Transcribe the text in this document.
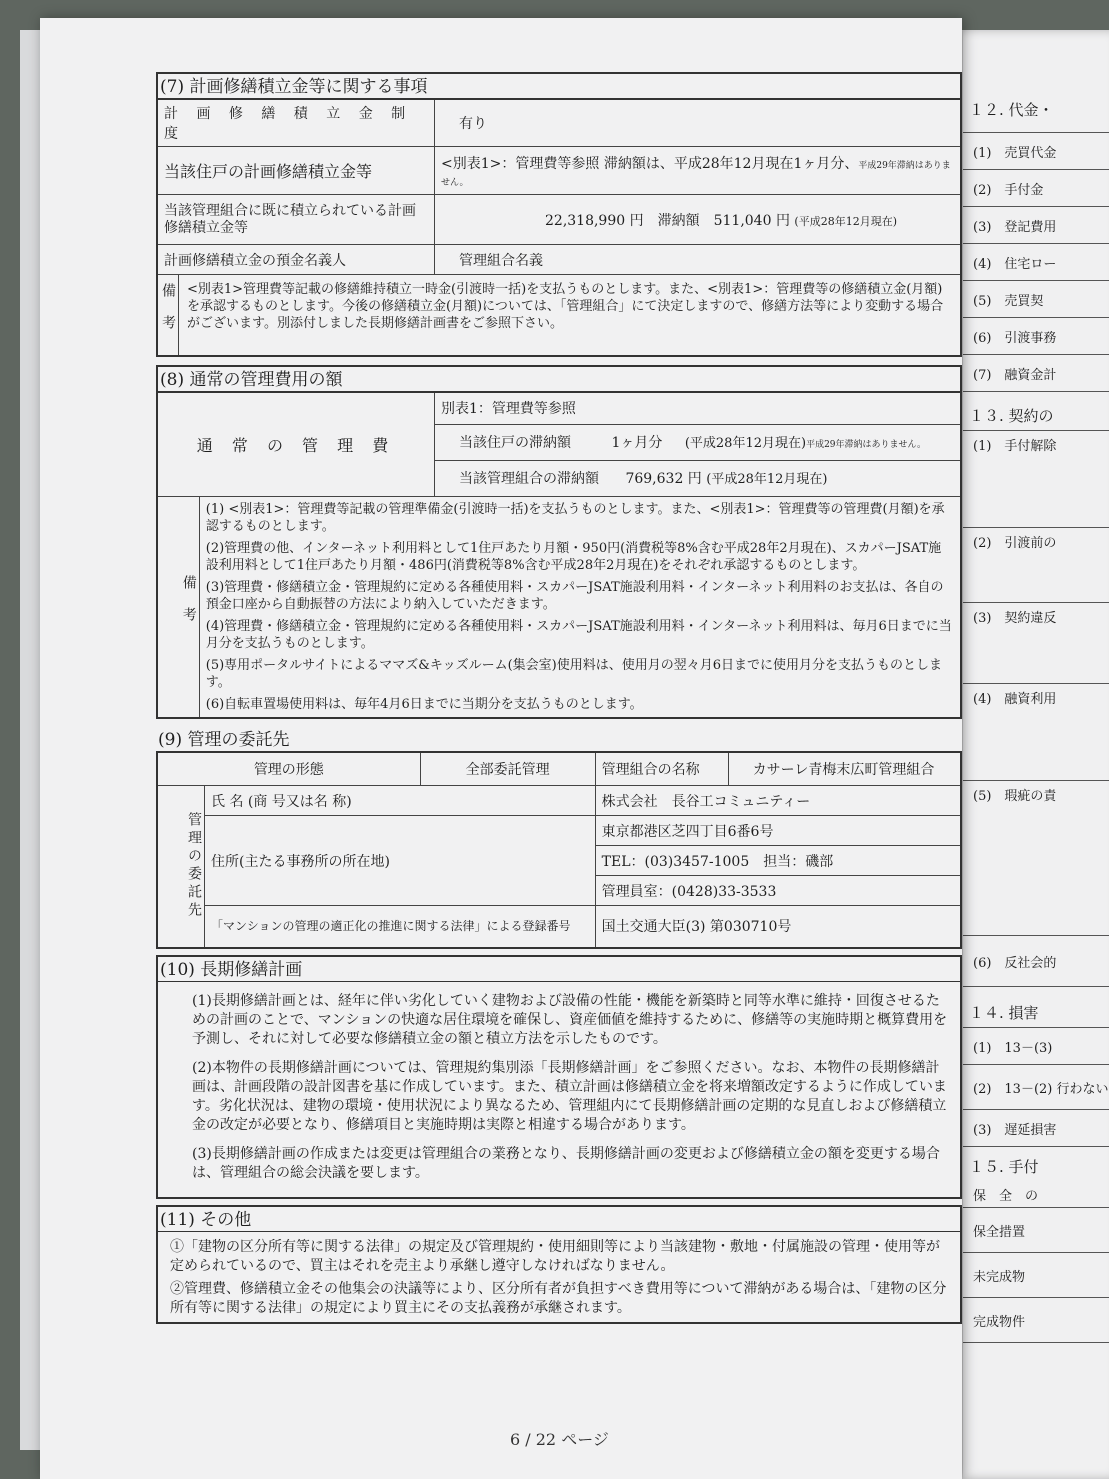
１２. 代金・
(1)　売買代金
(2)　手付金
(3)　登記費用
(4)　住宅ロー
(5)　売買契
(6)　引渡事務
(7)　融資金計
１３. 契約の
(1)　手付解除
(2)　引渡前の
(3)　契約違反
(4)　融資利用
(5)　瑕疵の責
(6)　反社会的
１４. 損害
(1)　13－(3)
(2)　13－(2) 行わない
(3)　遅延損害
１５. 手付
保　全　の
保全措置
未完成物
完成物件
(7) 計画修繕積立金等に関する事項
計 画 修 繕 積 立 金 制 度	有り
当該住戸の計画修繕積立金等	<別表1>：管理費等参照 滞納額は、平成28年12月現在1ヶ月分、平成29年滞納はありません。
当該管理組合に既に積立られている計画修繕積立金等	22,318,990 円　滞納額　511,040 円 (平成28年12月現在)
計画修繕積立金の預金名義人	管理組合名義

備考 <別表1>管理費等記載の修繕維持積立一時金(引渡時一括)を支払うものとします。また、<別表1>：管理費等の修繕積立金(月額)を承認するものとします。今後の修繕積立金(月額)については、「管理組合」にて決定しますので、修繕方法等により変動する場合がございます。別添付しました長期修繕計画書をご参照下さい。	
(8) 通常の管理費用の額
通 常 の 管 理 費	別表1：管理費等参照
当該住戸の滞納額	1ヶ月分 (平成28年12月現在)平成29年滞納はありません。
当該管理組合の滞納額 769,632 円 (平成28年12月現在)

備考

(1) <別表1>：管理費等記載の管理準備金(引渡時一括)を支払うものとします。また、<別表1>：管理費等の管理費(月額)を承認するものとします。

(2)管理費の他、インターネット利用料として1住戸あたり月額・950円(消費税等8%含む平成28年2月現在)、スカパーJSAT施設利用料として1住戸あたり月額・486円(消費税等8%含む平成28年2月現在)をそれぞれ承認するものとします。

(3)管理費・修繕積立金・管理規約に定める各種使用料・スカパーJSAT施設利用料・インターネット利用料のお支払は、各自の預金口座から自動振替の方法により納入していただきます。

(4)管理費・修繕積立金・管理規約に定める各種使用料・スカパーJSAT施設利用料・インターネット利用料は、毎月6日までに当月分を支払うものとします。

(5)専用ポータルサイトによるママズ&キッズルーム(集会室)使用料は、使用月の翌々月6日までに使用月分を支払うものとします。

(6)自転車置場使用料は、毎年4月6日までに当期分を支払うものとします。

(9) 管理の委託先
管理の形態		全部委託管理	管理組合の名称	カサーレ青梅末広町管理組合

管理の委託先	氏 名 (商 号又は名 称)		株式会社　長谷工コミュニティー	
	住所(主たる事務所の所在地)		東京都港区芝四丁目6番6号	
			TEL：(03)3457-1005　担当：磯部	
			管理員室：(0428)33-3533	
	「マンションの管理の適正化の推進に関する法律」による登録番号		国土交通大臣(3) 第030710号	
(10) 長期修繕計画

(1)長期修繕計画とは、経年に伴い劣化していく建物および設備の性能・機能を新築時と同等水準に維持・回復させるための計画のことで、マンションの快適な居住環境を確保し、資産価値を維持するために、修繕等の実施時期と概算費用を予測し、それに対して必要な修繕積立金の額と積立方法を示したものです。

(2)本物件の長期修繕計画については、管理規約集別添「長期修繕計画」をご参照ください。なお、本物件の長期修繕計画は、計画段階の設計図書を基に作成しています。また、積立計画は修繕積立金を将来増額改定するように作成しています。劣化状況は、建物の環境・使用状況により異なるため、管理組内にて長期修繕計画の定期的な見直しおよび修繕積立金の改定が必要となり、修繕項目と実施時期は実際と相違する場合があります。

(3)長期修繕計画の作成または変更は管理組合の業務となり、長期修繕計画の変更および修繕積立金の額を変更する場合は、管理組合の総会決議を要します。

(11) その他

①「建物の区分所有等に関する法律」の規定及び管理規約・使用細則等により当該建物・敷地・付属施設の管理・使用等が定められているので、買主はそれを売主より承継し遵守しなければなりません。

②管理費、修繕積立金その他集会の決議等により、区分所有者が負担すべき費用等について滞納がある場合は、「建物の区分所有等に関する法律」の規定により買主にその支払義務が承継されます。

6 / 22 ページ
